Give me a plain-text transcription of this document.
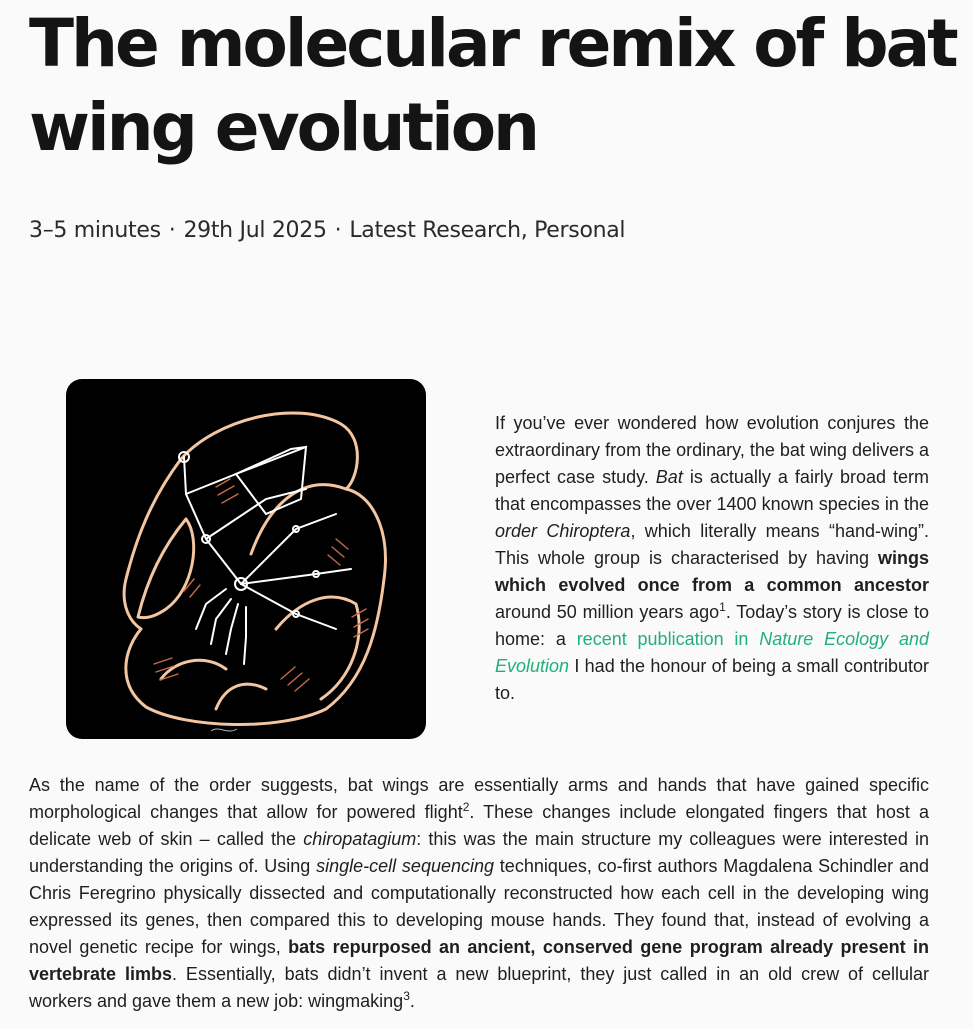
The molecular remix of bat wing evolution
3–5 minutes · 29th Jul 2025 · Latest Research, Personal

If you’ve ever wondered how evolution conjures the extraordinary from the ordinary, the bat wing delivers a perfect case study. Bat is actually a fairly broad term that encompasses the over 1400 known species in the order Chiroptera, which literally means “hand-wing”. This whole group is characterised by having wings which evolved once from a common ancestor around 50 million years ago$^1$. Today’s story is close to home: a recent publication in Nature Ecology and Evolution I had the honour of being a small contributor to.

As the name of the order suggests, bat wings are essentially arms and hands that have gained specific morphological changes that allow for powered flight$^2$. These changes include elongated fingers that host a delicate web of skin – called the chiropatagium: this was the main structure my colleagues were interested in understanding the origins of. Using single-cell sequencing techniques, co-first authors Magdalena Schindler and Chris Feregrino physically dissected and computationally reconstructed how each cell in the developing wing expressed its genes, then compared this to developing mouse hands. They found that, instead of evolving a novel genetic recipe for wings, bats repurposed an ancient, conserved gene program already present in vertebrate limbs. Essentially, bats didn’t invent a new blueprint, they just called in an old crew of cellular workers and gave them a new job: wingmaking$^3$.
